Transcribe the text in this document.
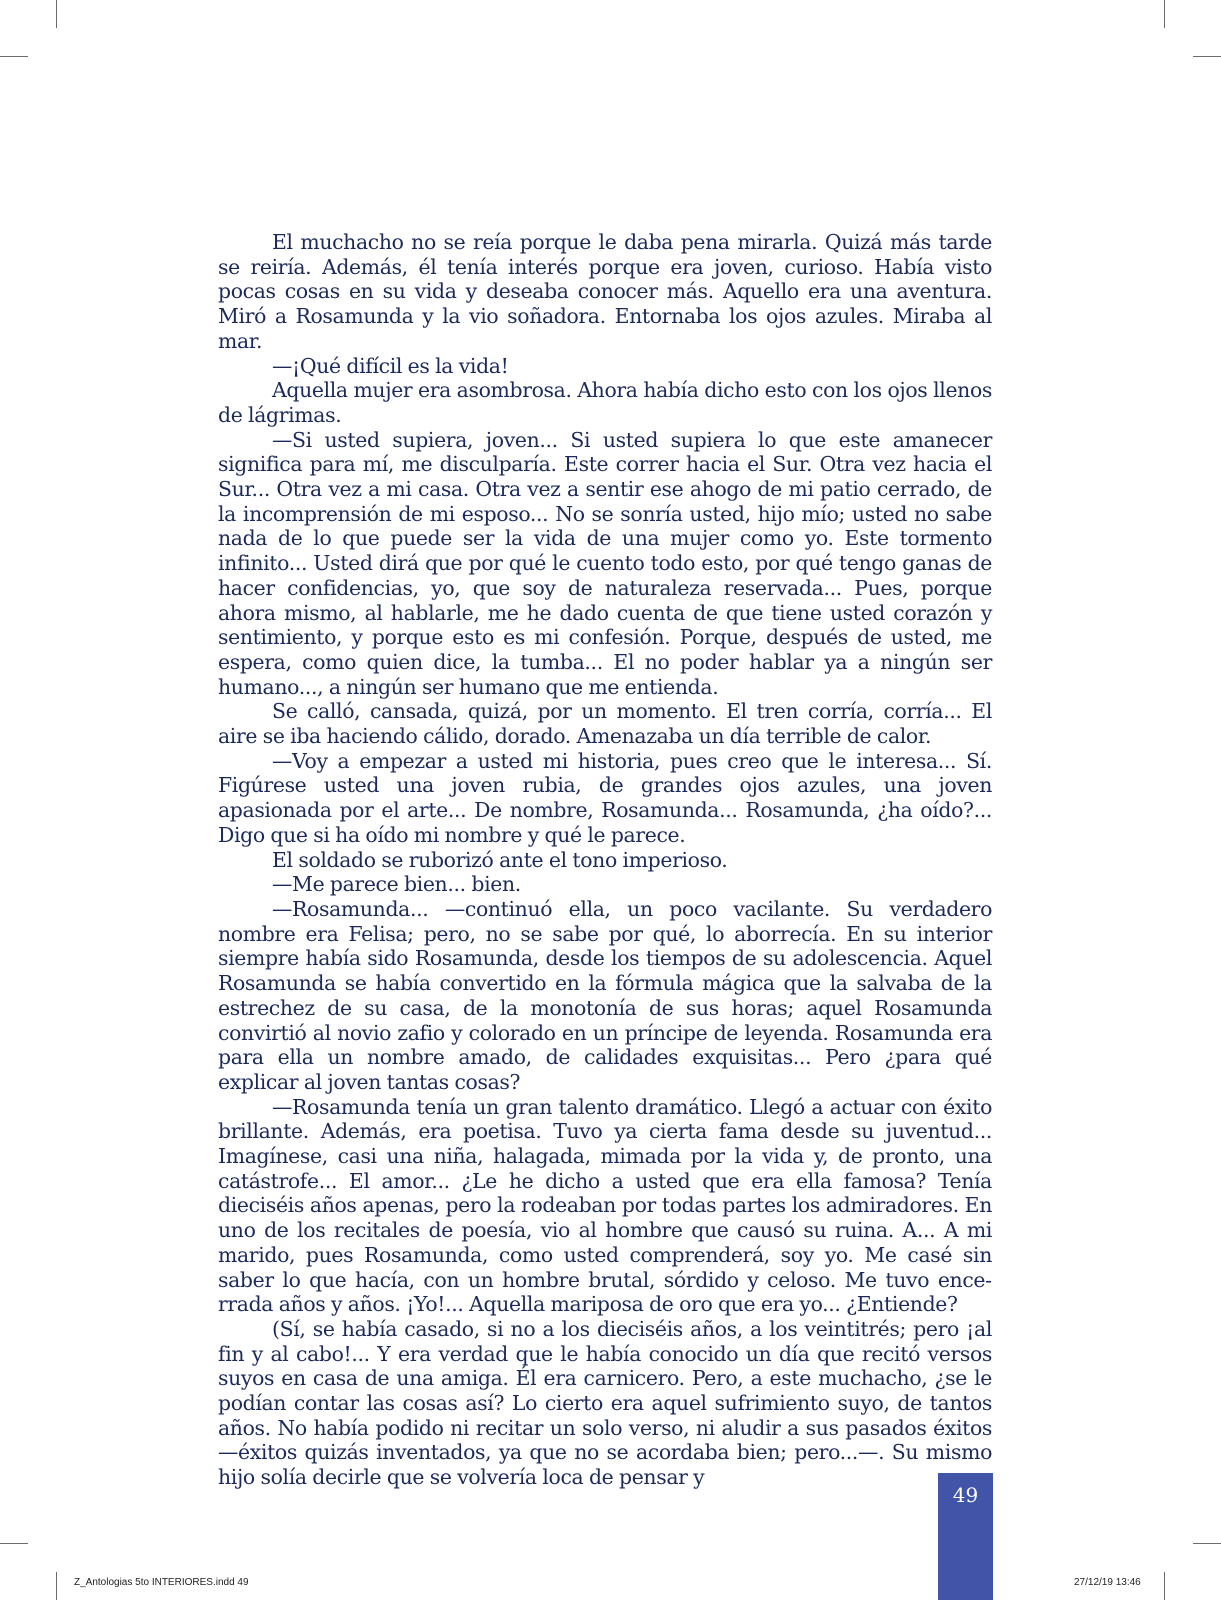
El muchacho no se reía porque le daba pena mirarla. Quizá más tarde se reiría. Además, él tenía interés porque era joven, curioso. Había visto pocas cosas en su vida y deseaba conocer más. Aquello era una aventura. Miró a Rosamunda y la vio soñadora. Entornaba los ojos azules. Miraba al mar.

—¡Qué difícil es la vida!

Aquella mujer era asombrosa. Ahora había dicho esto con los ojos llenos de lágrimas.

—Si usted supiera, joven... Si usted supiera lo que este amanecer significa para mí, me disculparía. Este correr hacia el Sur. Otra vez hacia el Sur... Otra vez a mi casa. Otra vez a sentir ese ahogo de mi patio cerrado, de la incomprensión de mi esposo... No se sonría usted, hijo mío; usted no sabe nada de lo que puede ser la vida de una mujer como yo. Este tormento infinito... Usted dirá que por qué le cuento todo esto, por qué tengo ganas de hacer confidencias, yo, que soy de naturaleza reservada... Pues, porque ahora mismo, al hablarle, me he dado cuenta de que tiene usted corazón y sentimiento, y porque esto es mi confesión. Porque, después de usted, me espera, como quien dice, la tumba... El no poder hablar ya a ningún ser humano..., a ningún ser humano que me entienda.

Se calló, cansada, quizá, por un momento. El tren corría, corría... El aire se iba haciendo cálido, dorado. Amenazaba un día terrible de calor.

—Voy a empezar a usted mi historia, pues creo que le interesa... Sí. Figúrese usted una joven rubia, de grandes ojos azules, una joven apasionada por el arte... De nombre, Rosamunda... Rosamunda, ¿ha oído?... Digo que si ha oído mi nombre y qué le parece.

El soldado se ruborizó ante el tono imperioso.

—Me parece bien... bien.

—Rosamunda... —continuó ella, un poco vacilante. Su verdadero nombre era Felisa; pero, no se sabe por qué, lo aborrecía. En su interior siempre había sido Rosamunda, desde los tiempos de su adolescencia. Aquel Rosamunda se había convertido en la fórmula mágica que la salvaba de la estrechez de su casa, de la monotonía de sus horas; aquel Rosamunda convirtió al novio zafio y colorado en un príncipe de leyenda. Rosamunda era para ella un nombre amado, de calidades exquisitas... Pero ¿para qué explicar al joven tantas cosas?

—Rosamunda tenía un gran talento dramático. Llegó a actuar con éxito brillante. Además, era poetisa. Tuvo ya cierta fama desde su juventud... Imagínese, casi una niña, halagada, mimada por la vida y, de pronto, una catástrofe... El amor... ¿Le he dicho a usted que era ella famosa? Tenía dieciséis años apenas, pero la rodeaban por todas partes los admiradores. En uno de los recitales de poesía, vio al hombre que causó su ruina. A... A mi marido, pues Rosamunda, como usted comprenderá, soy yo. Me casé sin saber lo que hacía, con un hombre brutal, sórdido y celoso. Me tuvo encerrada años y años. ¡Yo!... Aquella mariposa de oro que era yo... ¿Entiende?

(Sí, se había casado, si no a los dieciséis años, a los veintitrés; pero ¡al fin y al cabo!... Y era verdad que le había conocido un día que recitó versos suyos en casa de una amiga. Él era carnicero. Pero, a este muchacho, ¿se le podían contar las cosas así? Lo cierto era aquel sufrimiento suyo, de tantos años. No había podido ni recitar un solo verso, ni aludir a sus pasados éxitos —éxitos quizás inventados, ya que no se acordaba bien; pero...—. Su mismo hijo solía decirle que se volvería loca de pensar y

49
Z_Antologias 5to INTERIORES.indd 49	27/12/19 13:46
